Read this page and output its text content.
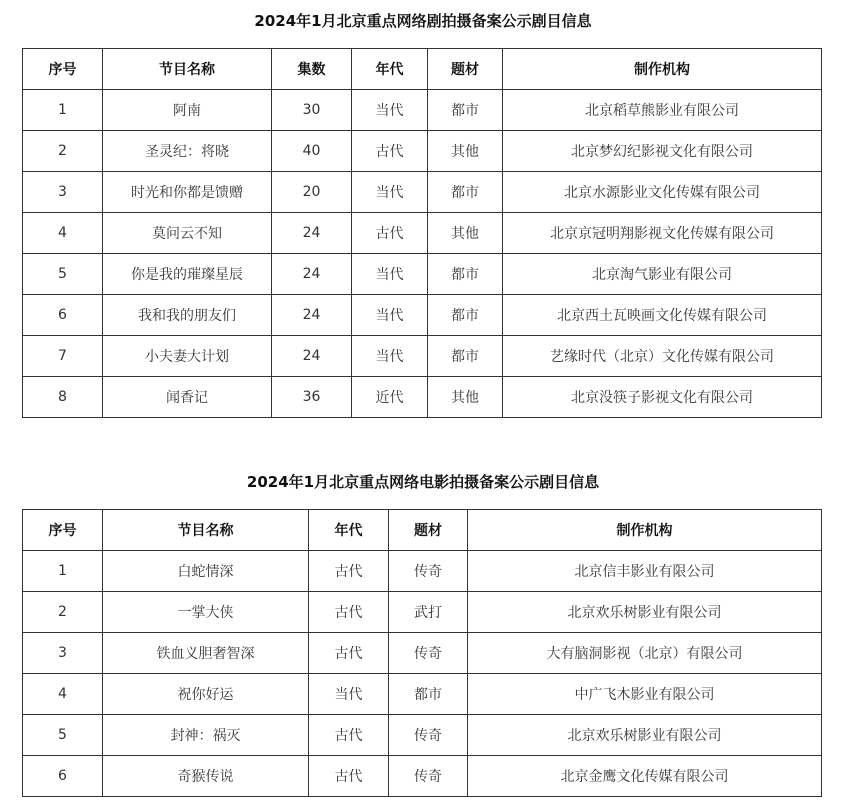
2024年1月北京重点网络剧拍摄备案公示剧目信息
序号	节目名称	集数	年代	题材	制作机构
1	阿南	30	当代	都市	北京稻草熊影业有限公司
2	圣灵纪：将晓	40	古代	其他	北京梦幻纪影视文化有限公司
3	时光和你都是馈赠	20	当代	都市	北京水源影业文化传媒有限公司
4	莫问云不知	24	古代	其他	北京京冠明翔影视文化传媒有限公司
5	你是我的璀璨星辰	24	当代	都市	北京淘气影业有限公司
6	我和我的朋友们	24	当代	都市	北京西土瓦映画文化传媒有限公司
7	小夫妻大计划	24	当代	都市	艺缘时代（北京）文化传媒有限公司
8	闻香记	36	近代	其他	北京没筷子影视文化有限公司
2024年1月北京重点网络电影拍摄备案公示剧目信息
序号	节目名称	年代	题材	制作机构
1	白蛇情深	古代	传奇	北京信丰影业有限公司
2	一掌大侠	古代	武打	北京欢乐树影业有限公司
3	铁血义胆奢智深	古代	传奇	大有脑洞影视（北京）有限公司
4	祝你好运	当代	都市	中广飞木影业有限公司
5	封神：祸灭	古代	传奇	北京欢乐树影业有限公司
6	奇猴传说	古代	传奇	北京金鹰文化传媒有限公司
